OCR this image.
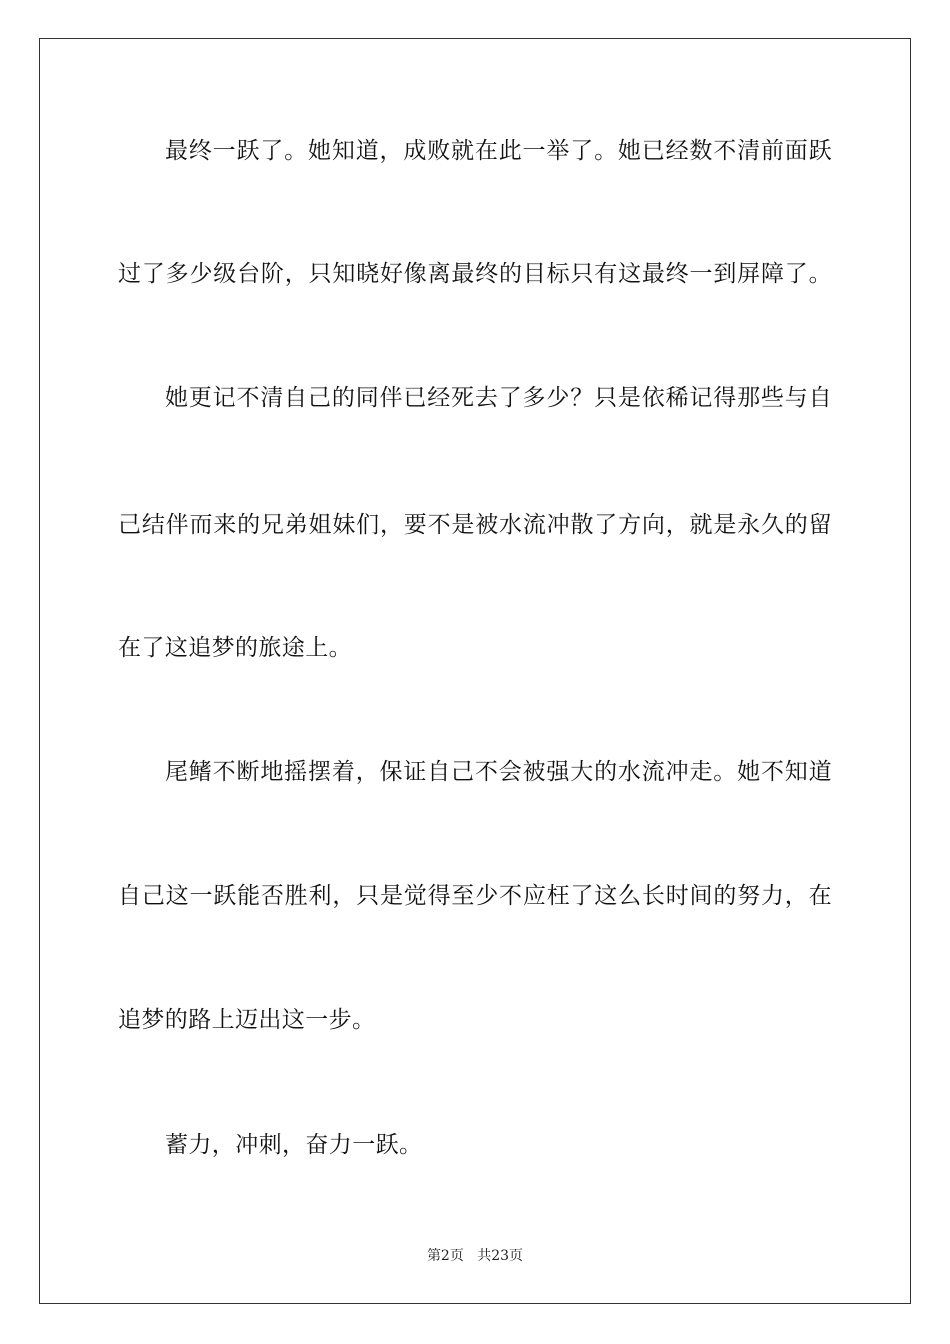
最终一跃了。她知道，成败就在此一举了。她已经数不清前面跃
过了多少级台阶，只知晓好像离最终的目标只有这最终一到屏障了。
她更记不清自己的同伴已经死去了多少？只是依稀记得那些与自
己结伴而来的兄弟姐妹们，要不是被水流冲散了方向，就是永久的留
在了这追梦的旅途上。
尾鳍不断地摇摆着，保证自己不会被强大的水流冲走。她不知道
自己这一跃能否胜利，只是觉得至少不应枉了这么长时间的努力，在
追梦的路上迈出这一步。
蓄力，冲刺，奋力一跃。
第2页 共23页
